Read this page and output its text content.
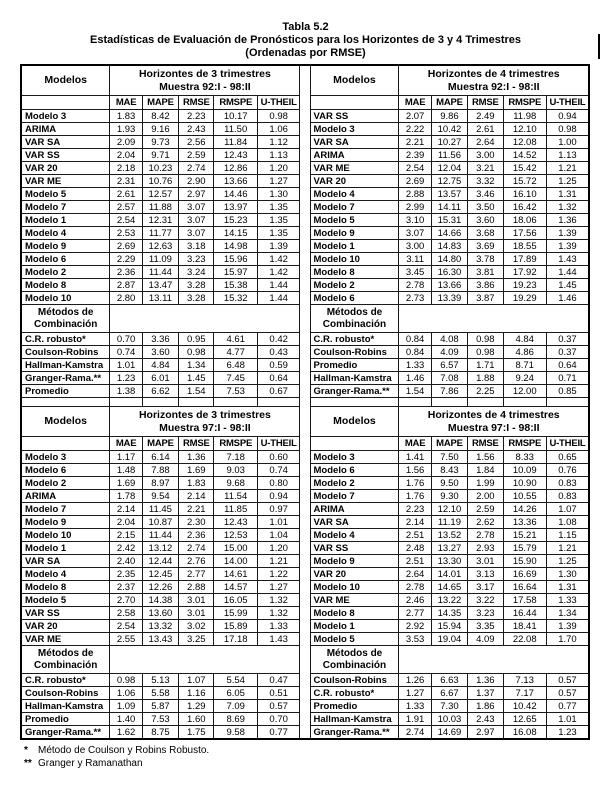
Tabla 5.2
Estadísticas de Evaluación de Pronósticos para los Horizontes de 3 y 4 Trimestres
(Ordenadas por RMSE)
Modelos	
Horizontes de 3 trimestres
Muestra 92:I - 98:II
		Modelos	
Horizontes de 4 trimestres
Muestra 92:I - 98:II

	MAE	MAPE	RMSE	RMSPE	U-THEIL			MAE	MAPE	RMSE	RMSPE	U-THEIL
Modelo 3	1.83	8.42	2.23	10.17	0.98		VAR SS	2.07	9.86	2.49	11.98	0.94
ARIMA	1.93	9.16	2.43	11.50	1.06		Modelo 3	2.22	10.42	2.61	12.10	0.98
VAR SA	2.09	9.73	2.56	11.84	1.12		VAR SA	2.21	10.27	2.64	12.08	1.00
VAR SS	2.04	9.71	2.59	12.43	1.13		ARIMA	2.39	11.56	3.00	14.52	1.13
VAR 20	2.18	10.23	2.74	12.86	1.20		VAR ME	2.54	12.04	3.21	15.42	1.21
VAR ME	2.31	10.76	2.90	13.66	1.27		VAR 20	2.69	12.75	3.32	15.72	1.25
Modelo 5	2.61	12.57	2.97	14.46	1.30		Modelo 4	2.88	13.57	3.46	16.10	1.31
Modelo 7	2.57	11.88	3.07	13.97	1.35		Modelo 7	2.99	14.11	3.50	16.42	1.32
Modelo 1	2.54	12.31	3.07	15.23	1.35		Modelo 5	3.10	15.31	3.60	18.06	1.36
Modelo 4	2.53	11.77	3.07	14.15	1.35		Modelo 9	3.07	14.66	3.68	17.56	1.39
Modelo 9	2.69	12.63	3.18	14.98	1.39		Modelo 1	3.00	14.83	3.69	18.55	1.39
Modelo 6	2.29	11.09	3.23	15.96	1.42		Modelo 10	3.11	14.80	3.78	17.89	1.43
Modelo 2	2.36	11.44	3.24	15.97	1.42		Modelo 8	3.45	16.30	3.81	17.92	1.44
Modelo 8	2.87	13.47	3.28	15.38	1.44		Modelo 2	2.78	13.66	3.86	19.23	1.45
Modelo 10	2.80	13.11	3.28	15.32	1.44		Modelo 6	2.73	13.39	3.87	19.29	1.46
Métodos de Combinación							Métodos de Combinación					
C.R. robusto*	0.70	3.36	0.95	4.61	0.42		C.R. robusto*	0.84	4.08	0.98	4.84	0.37
Coulson-Robins	0.74	3.60	0.98	4.77	0.43		Coulson-Robins	0.84	4.09	0.98	4.86	0.37
Hallman-Kamstra	1.01	4.84	1.34	6.48	0.59		Promedio	1.33	6.57	1.71	8.71	0.64
Granger-Rama.**	1.23	6.01	1.45	7.45	0.64		Hallman-Kamstra	1.46	7.08	1.88	9.24	0.71
Promedio	1.38	6.62	1.54	7.53	0.67		Granger-Rama.**	1.54	7.86	2.25	12.00	0.85

Modelos	
Horizontes de 3 trimestres
Muestra 97:I - 98:II
		Modelos	
Horizontes de 4 trimestres
Muestra 97:I - 98:II

	MAE	MAPE	RMSE	RMSPE	U-THEIL			MAE	MAPE	RMSE	RMSPE	U-THEIL
Modelo 3	1.17	6.14	1.36	7.18	0.60		Modelo 3	1.41	7.50	1.56	8.33	0.65
Modelo 6	1.48	7.88	1.69	9.03	0.74		Modelo 6	1.56	8.43	1.84	10.09	0.76
Modelo 2	1.69	8.97	1.83	9.68	0.80		Modelo 2	1.76	9.50	1.99	10.90	0.83
ARIMA	1.78	9.54	2.14	11.54	0.94		Modelo 7	1.76	9.30	2.00	10.55	0.83
Modelo 7	2.14	11.45	2.21	11.85	0.97		ARIMA	2.23	12.10	2.59	14.26	1.07
Modelo 9	2.04	10.87	2.30	12.43	1.01		VAR SA	2.14	11.19	2.62	13.36	1.08
Modelo 10	2.15	11.44	2.36	12.53	1.04		Modelo 4	2.51	13.52	2.78	15.21	1.15
Modelo 1	2.42	13.12	2.74	15.00	1.20		VAR SS	2.48	13.27	2.93	15.79	1.21
VAR SA	2.40	12.44	2.76	14.00	1.21		Modelo 9	2.51	13.30	3.01	15.90	1.25
Modelo 4	2.35	12.45	2.77	14.61	1.22		VAR 20	2.64	14.01	3.13	16.69	1.30
Modelo 8	2.37	12.26	2.88	14.57	1.27		Modelo 10	2.78	14.65	3.17	16.64	1.31
Modelo 5	2.70	14.38	3.01	16.05	1.32		VAR ME	2.46	13.22	3.22	17.58	1.33
VAR SS	2.58	13.60	3.01	15.99	1.32		Modelo 8	2.77	14.35	3.23	16.44	1.34
VAR 20	2.54	13.32	3.02	15.89	1.33		Modelo 1	2.92	15.94	3.35	18.41	1.39
VAR ME	2.55	13.43	3.25	17.18	1.43		Modelo 5	3.53	19.04	4.09	22.08	1.70
Métodos de Combinación							Métodos de Combinación					
C.R. robusto*	0.98	5.13	1.07	5.54	0.47		Coulson-Robins	1.26	6.63	1.36	7.13	0.57
Coulson-Robins	1.06	5.58	1.16	6.05	0.51		C.R. robusto*	1.27	6.67	1.37	7.17	0.57
Hallman-Kamstra	1.09	5.87	1.29	7.09	0.57		Promedio	1.33	7.30	1.86	10.42	0.77
Promedio	1.40	7.53	1.60	8.69	0.70		Hallman-Kamstra	1.91	10.03	2.43	12.65	1.01
Granger-Rama.**	1.62	8.75	1.75	9.58	0.77		Granger-Rama.**	2.74	14.69	2.97	16.08	1.23
*	Método de Coulson y Robins Robusto.
** Granger y Ramanathan
